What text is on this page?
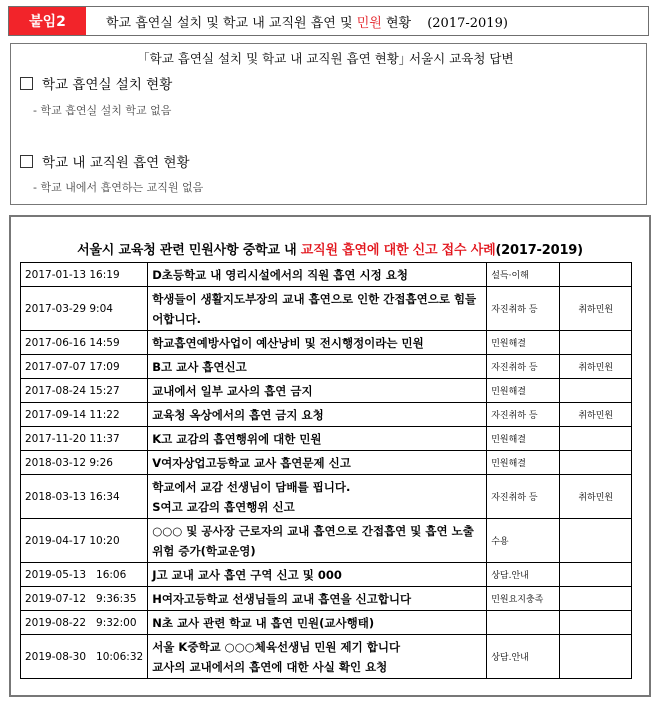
붙임2	학교 흡연실 설치 및 학교 내 교직원 흡연 및 민원 현황 (2017-2019)
｢학교 흡연실 설치 및 학교 내 교직원 흡연 현황｣ 서울시 교육청 답변
학교 흡연실 설치 현황
- 학교 흡연실 설치 학교 없음
학교 내 교직원 흡연 현황
- 학교 내에서 흡연하는 교직원 없음
서울시 교육청 관련 민원사항 중학교 내 교직원 흡연에 대한 신고 접수 사례(2017-2019)
2017-01-13 16:19	D초등학교 내 영리시설에서의 직원 흡연 시정 요청	설득·이해	
2017-03-29 9:04	학생들이 생활지도부장의 교내 흡연으로 인한 간접흡연으로 힘들어합니다.	자진취하 등	취하민원
2017-06-16 14:59	학교흡연예방사업이 예산낭비 및 전시행정이라는 민원	민원해결	
2017-07-07 17:09	B고 교사 흡연신고	자진취하 등	취하민원
2017-08-24 15:27	교내에서 일부 교사의 흡연 금지	민원해결	
2017-09-14 11:22	교육청 옥상에서의 흡연 금지 요청	자진취하 등	취하민원
2017-11-20 11:37	K고 교감의 흡연행위에 대한 민원	민원해결	
2018-03-12 9:26	V여자상업고등학교 교사 흡연문제 신고	민원해결	
2018-03-13 16:34	학교에서 교감 선생님이 담배를 핍니다.
S여고 교감의 흡연행위 신고	자진취하 등	취하민원
2019-04-17 10:20	○○○ 및 공사장 근로자의 교내 흡연으로 간접흡연 및 흡연 노출위험 증가(학교운영)	수용	
2019-05-13   16:06	J고 교내 교사 흡연 구역 신고 및 000	상담.안내	
2019-07-12   9:36:35	H여자고등학교 선생님들의 교내 흡연을 신고합니다	민원요지충족	
2019-08-22   9:32:00	N초 교사 관련 학교 내 흡연 민원(교사행태)		
2019-08-30   10:06:32	서울 K중학교 ○○○체육선생님 민원 제기 합니다
교사의 교내에서의 흡연에 대한 사실 확인 요청	상담.안내	
